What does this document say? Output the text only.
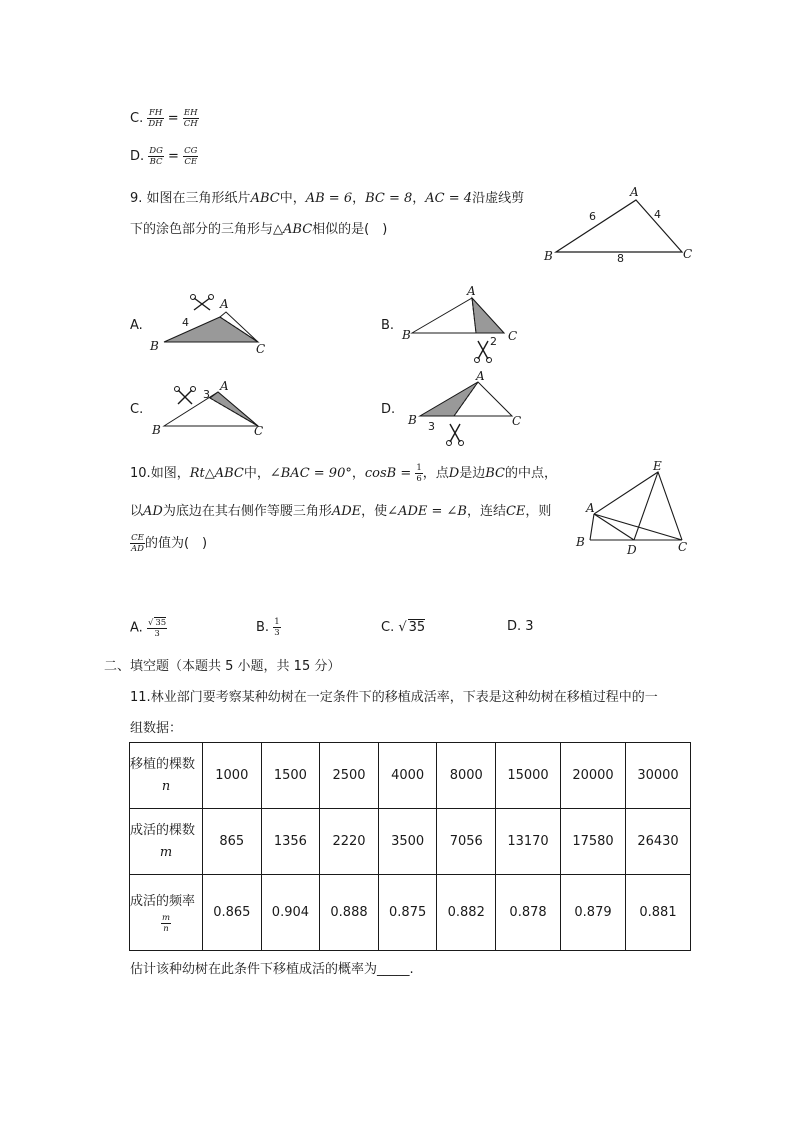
C. $\frac{FH}{DH} = \frac{EH}{CH}$
D. $\frac{DG}{BC} = \frac{CG}{CE}$
9. 如图在三角形纸片ABC中，AB = 6，BC = 8，AC = 4沿虚线剪
下的涂色部分的三角形与△ABC相似的是(　)
A
B	C
6	4
8
A.
A
B	C
4	B.
A
B	C
2
C.
A
B	C
3
D.
A
B	C
3
10.如图，Rt△ABC中，∠BAC = 90°，$\cos B = \frac{1}{6}$ ，点D是边BC的中点，
以AD为底边在其右侧作等腰三角形ADE，使∠ADE = ∠B，连结CE，则
$\frac{CE}{AD}$ 的值为(　)
E
A
B
D	C
A. $\frac{√ 35}{3}$	B. $\frac{1}{3}$	C. √ 35	D. 3
二、填空题（本题共 5 小题，共 15 分）
11.林业部门要考察某种幼树在一定条件下的移植成活率，下表是这种幼树在移植过程中的一
组数据：
移植的棵数

n	1000	1500	2500	4000	8000	15000	20000	30000
成活的棵数

m	865	1356	2220	3500	7056	13170	17580	26430
成活的频率

$\frac{m}{n}$	0.865	0.904	0.888	0.875	0.882	0.878	0.879	0.881
估计该种幼树在此条件下移植成活的概率为_____.
